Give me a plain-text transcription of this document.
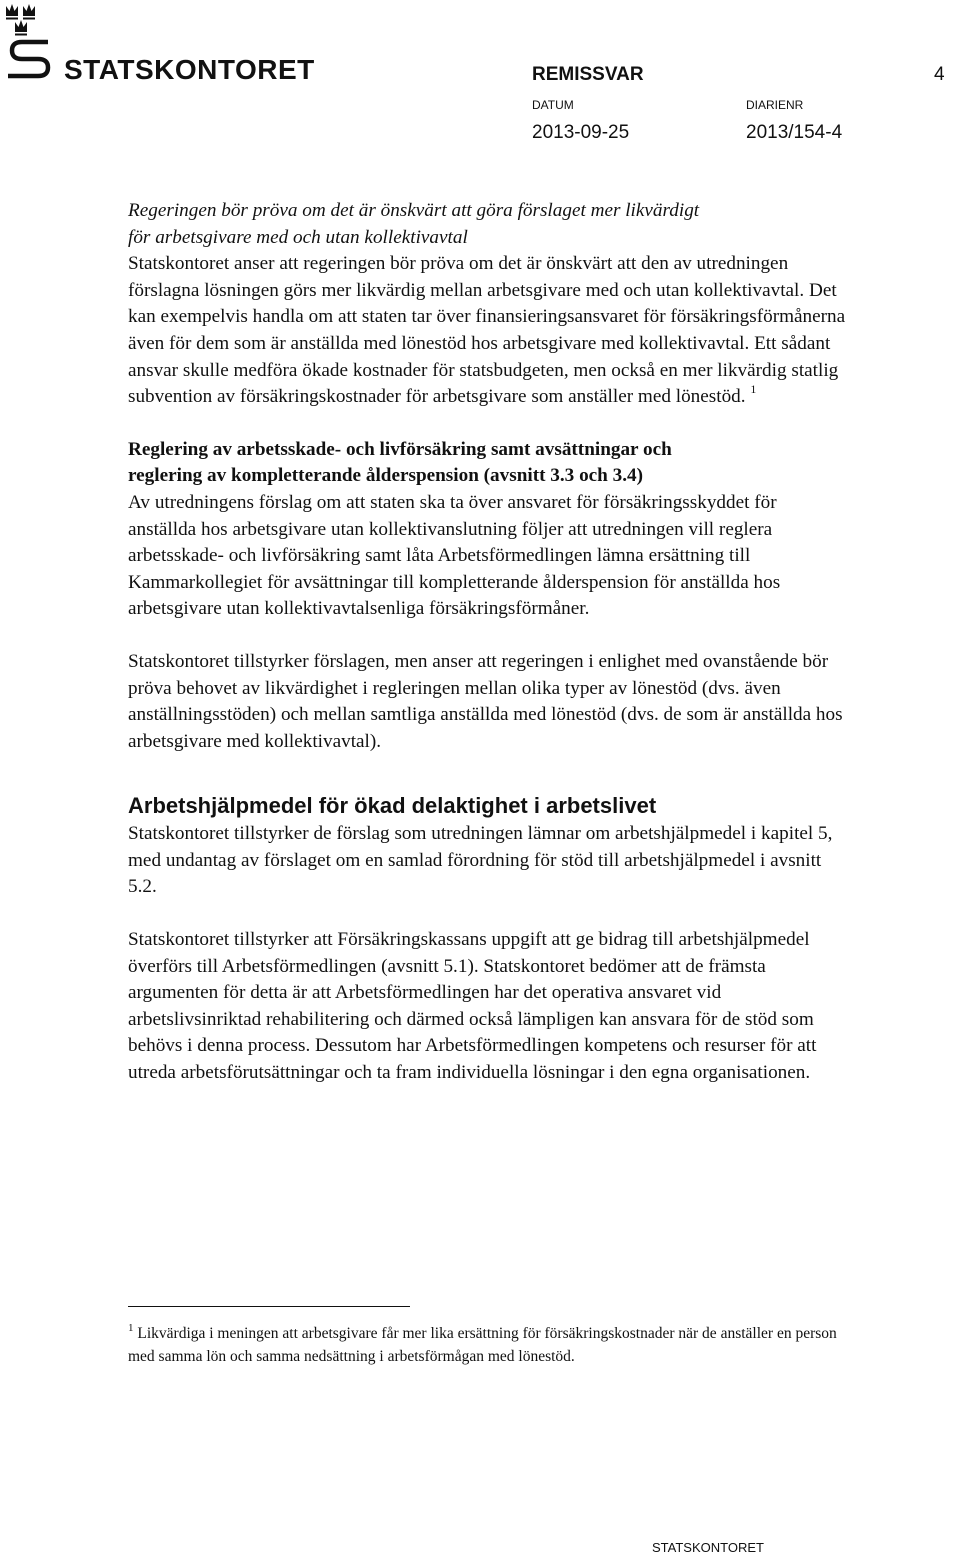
STATSKONTORET	REMISSVAR	4
DATUM	DIARIENR
2013-09-25	2013/154-4
Regeringen bör pröva om det är önskvärt att göra förslaget mer likvärdigt
för arbetsgivare med och utan kollektivavtal

Statskontoret anser att regeringen bör pröva om det är önskvärt att den av utredningen förslagna lösningen görs mer likvärdig mellan arbetsgivare med och utan kollektivavtal. Det kan exempelvis handla om att staten tar över finansieringsansvaret för försäkringsförmånerna även för dem som är anställda med lönestöd hos arbetsgivare med kollektivavtal. Ett sådant ansvar skulle medföra ökade kostnader för statsbudgeten, men också en mer likvärdig statlig subvention av försäkringskostnader för arbetsgivare som anställer med lönestöd. $^1$

Reglering av arbetsskade- och livförsäkring samt avsättningar och
reglering av kompletterande ålderspension (avsnitt 3.3 och 3.4)

Av utredningens förslag om att staten ska ta över ansvaret för försäkringsskyddet för anställda hos arbetsgivare utan kollektivanslutning följer att utredningen vill reglera arbetsskade- och livförsäkring samt låta Arbetsförmedlingen lämna ersättning till Kammarkollegiet för avsättningar till kompletterande ålderspension för anställda hos arbetsgivare utan kollektivavtalsenliga försäkringsförmåner.

Statskontoret tillstyrker förslagen, men anser att regeringen i enlighet med ovanstående bör pröva behovet av likvärdighet i regleringen mellan olika typer av lönestöd (dvs. även anställningsstöden) och mellan samtliga anställda med lönestöd (dvs. de som är anställda hos arbetsgivare med kollektivavtal).

Arbetshjälpmedel för ökad delaktighet i arbetslivet

Statskontoret tillstyrker de förslag som utredningen lämnar om arbetshjälpmedel i kapitel 5, med undantag av förslaget om en samlad förordning för stöd till arbetshjälpmedel i avsnitt 5.2.

Statskontoret tillstyrker att Försäkringskassans uppgift att ge bidrag till arbetshjälpmedel överförs till Arbetsförmedlingen (avsnitt 5.1). Statskontoret bedömer att de främsta argumenten för detta är att Arbetsförmedlingen har det operativa ansvaret vid arbetslivsinriktad rehabilitering och därmed också lämpligen kan ansvara för de stöd som behövs i denna process. Dessutom har Arbetsförmedlingen kompetens och resurser för att utreda arbetsförutsättningar och ta fram individuella lösningar i den egna organisationen.

$^1$ Likvärdiga i meningen att arbetsgivare får mer lika ersättning för försäkringskostnader när de anställer en person med samma lön och samma nedsättning i arbetsförmågan med lönestöd.
STATSKONTORET
